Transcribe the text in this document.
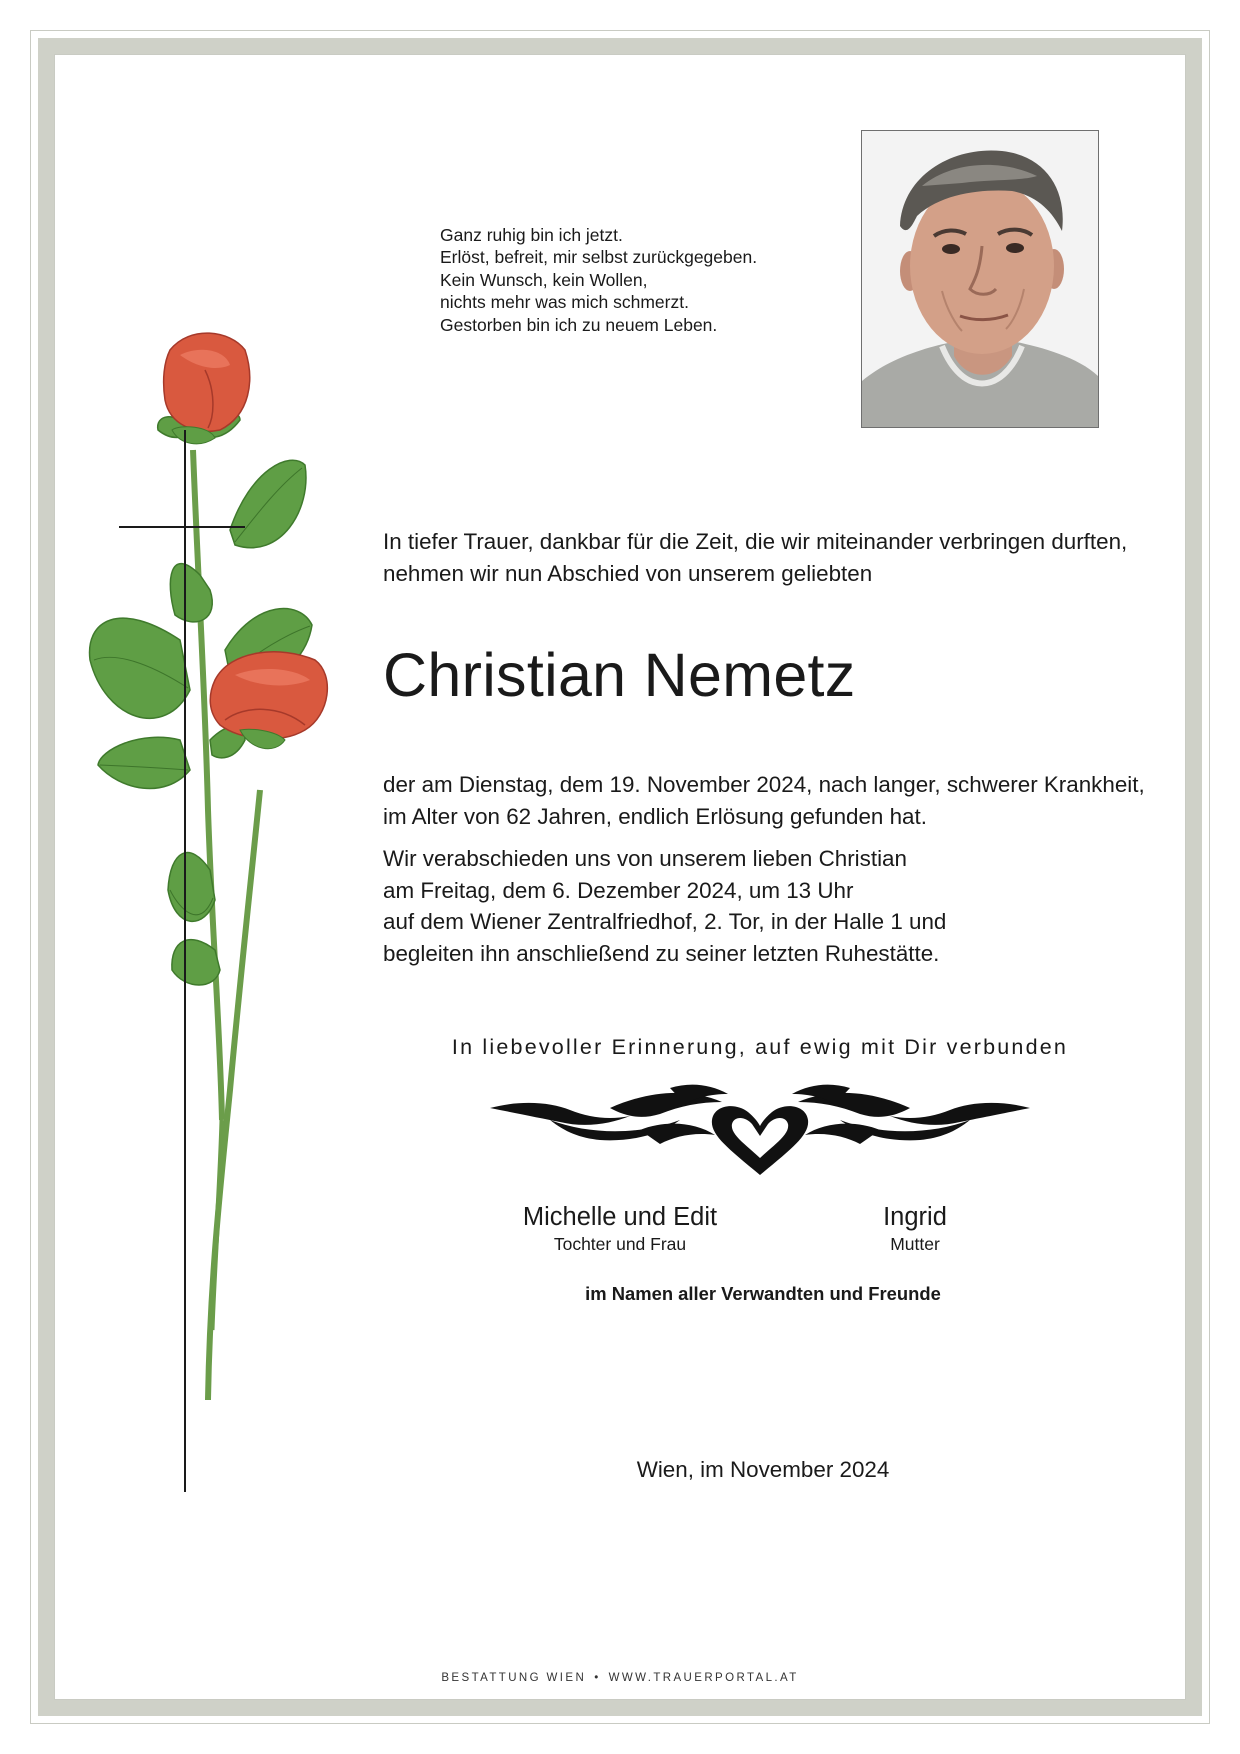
Ganz ruhig bin ich jetzt.
Erlöst, befreit, mir selbst zurückgegeben.
Kein Wunsch, kein Wollen,
nichts mehr was mich schmerzt.
Gestorben bin ich zu neuem Leben.
In tiefer Trauer, dankbar für die Zeit, die wir miteinander verbringen durften,
nehmen wir nun Abschied von unserem geliebten
Christian Nemetz
der am Dienstag, dem 19. November 2024, nach langer, schwerer Krankheit,
im Alter von 62 Jahren, endlich Erlösung gefunden hat.
Wir verabschieden uns von unserem lieben Christian
am Freitag, dem 6. Dezember 2024, um 13 Uhr
auf dem Wiener Zentralfriedhof, 2. Tor, in der Halle 1 und
begleiten ihn anschließend zu seiner letzten Ruhestätte.
In liebevoller Erinnerung, auf ewig mit Dir verbunden
Michelle und Edit
Tochter und Frau
Ingrid
Mutter
im Namen aller Verwandten und Freunde
Wien, im November 2024
BESTATTUNG WIEN • WWW.TRAUERPORTAL.AT
